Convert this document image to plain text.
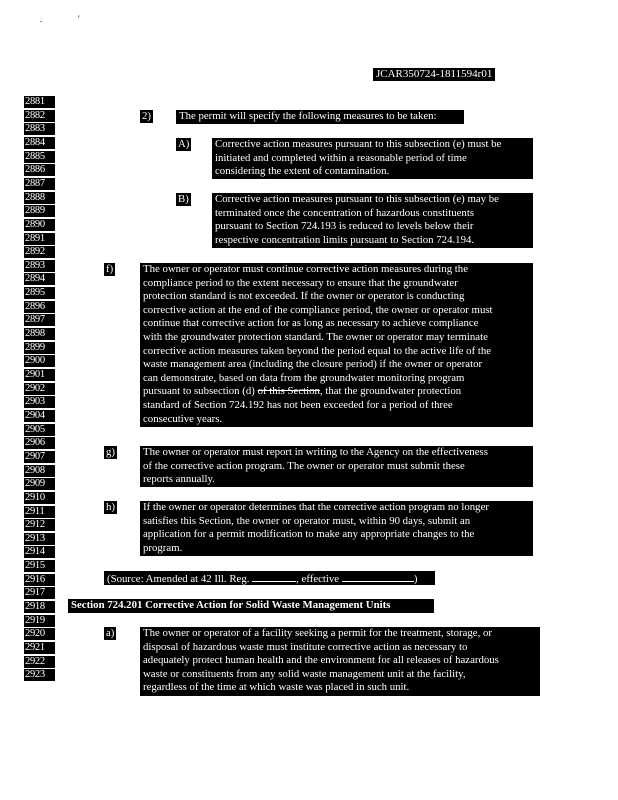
.	'
JCAR350724-1811594r01
2881
2882
2883
2884
2885
2886
2887
2888
2889
2890
2891
2892
2893
2894
2895
2896
2897
2898
2899
2900
2901
2902
2903
2904
2905
2906
2907
2908
2909
2910
2911
2912
2913
2914
2915
2916
2917
2918
2919
2920
2921
2922
2923
2)	The permit will specify the following measures to be taken:
A) Corrective action measures pursuant to this subsection (e) must be
initiated and completed within a reasonable period of time
considering the extent of contamination.
B) Corrective action measures pursuant to this subsection (e) may be
terminated once the concentration of hazardous constituents
pursuant to Section 724.193 is reduced to levels below their
respective concentration limits pursuant to Section 724.194.
f)	The owner or operator must continue corrective action measures during the
compliance period to the extent necessary to ensure that the groundwater
protection standard is not exceeded. If the owner or operator is conducting
corrective action at the end of the compliance period, the owner or operator must
continue that corrective action for as long as necessary to achieve compliance
with the groundwater protection standard. The owner or operator may terminate
corrective action measures taken beyond the period equal to the active life of the
waste management area (including the closure period) if the owner or operator
can demonstrate, based on data from the groundwater monitoring program
pursuant to subsection (d) of this Section, that the groundwater protection
standard of Section 724.192 has not been exceeded for a period of three
consecutive years.
g)	The owner or operator must report in writing to the Agency on the effectiveness
of the corrective action program. The owner or operator must submit these
reports annually.
h)	If the owner or operator determines that the corrective action program no longer
satisfies this Section, the owner or operator must, within 90 days, submit an
application for a permit modification to make any appropriate changes to the
program.
(Source: Amended at 42 Ill. Reg.	, effective	)
Section 724.201 Corrective Action for Solid Waste Management Units
a)	The owner or operator of a facility seeking a permit for the treatment, storage, or
disposal of hazardous waste must institute corrective action as necessary to
adequately protect human health and the environment for all releases of hazardous
waste or constituents from any solid waste management unit at the facility,
regardless of the time at which waste was placed in such unit.
